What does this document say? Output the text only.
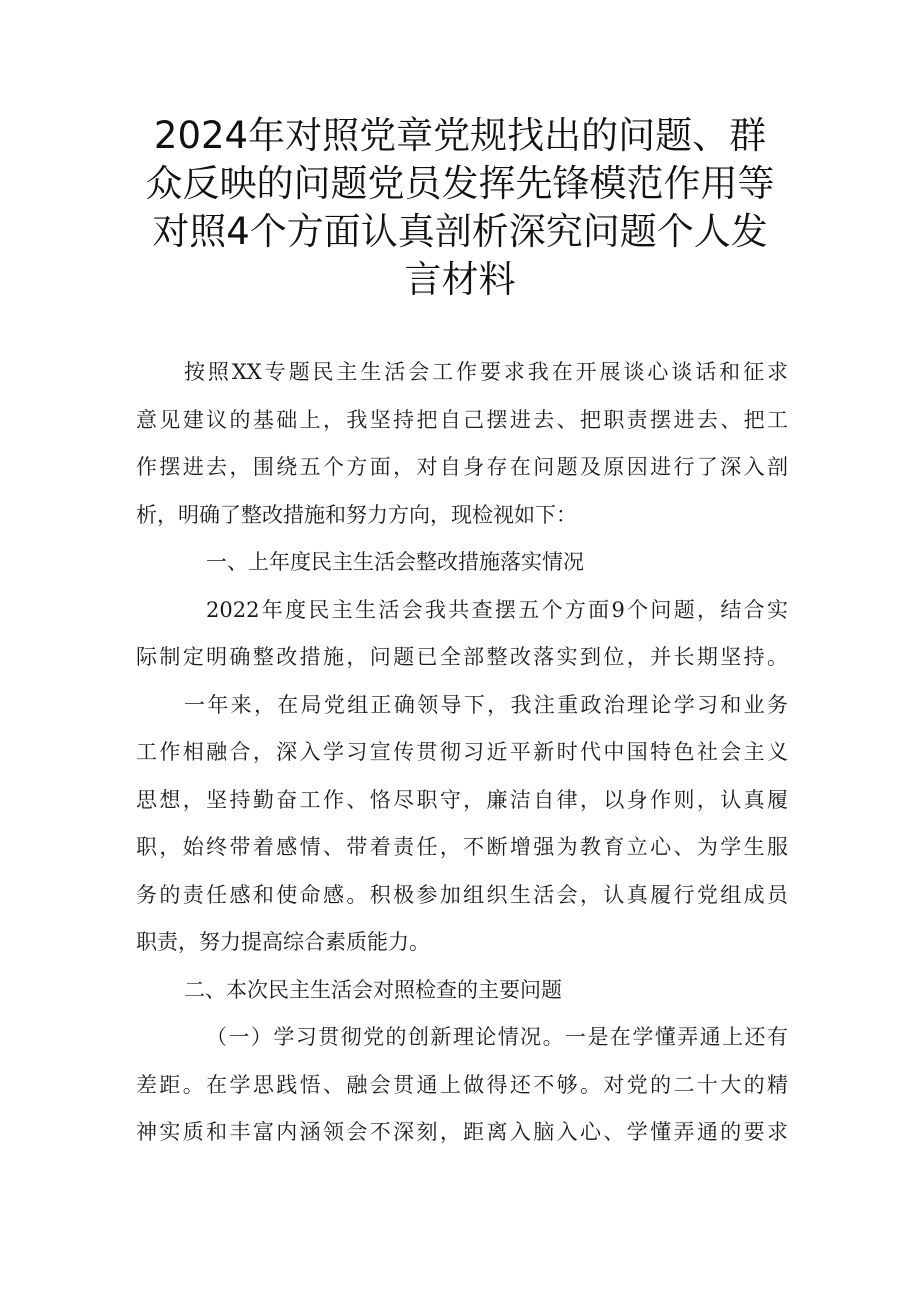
2024年对照党章党规找出的问题、群
众反映的问题党员发挥先锋模范作用等
对照4个方面认真剖析深究问题个人发
言材料
按照XX专题民主生活会工作要求我在开展谈心谈话和征求
意见建议的基础上，我坚持把自己摆进去、把职责摆进去、把工
作摆进去，围绕五个方面，对自身存在问题及原因进行了深入剖
析，明确了整改措施和努力方向，现检视如下：
一、上年度民主生活会整改措施落实情况
2022年度民主生活会我共查摆五个方面9个问题，结合实
际制定明确整改措施，问题已全部整改落实到位，并长期坚持。
一年来，在局党组正确领导下，我注重政治理论学习和业务
工作相融合，深入学习宣传贯彻习近平新时代中国特色社会主义
思想，坚持勤奋工作、恪尽职守，廉洁自律，以身作则，认真履
职，始终带着感情、带着责任，不断增强为教育立心、为学生服
务的责任感和使命感。积极参加组织生活会，认真履行党组成员
职责，努力提高综合素质能力。
二、本次民主生活会对照检查的主要问题
（一）学习贯彻党的创新理论情况。一是在学懂弄通上还有
差距。在学思践悟、融会贯通上做得还不够。对党的二十大的精
神实质和丰富内涵领会不深刻，距离入脑入心、学懂弄通的要求
